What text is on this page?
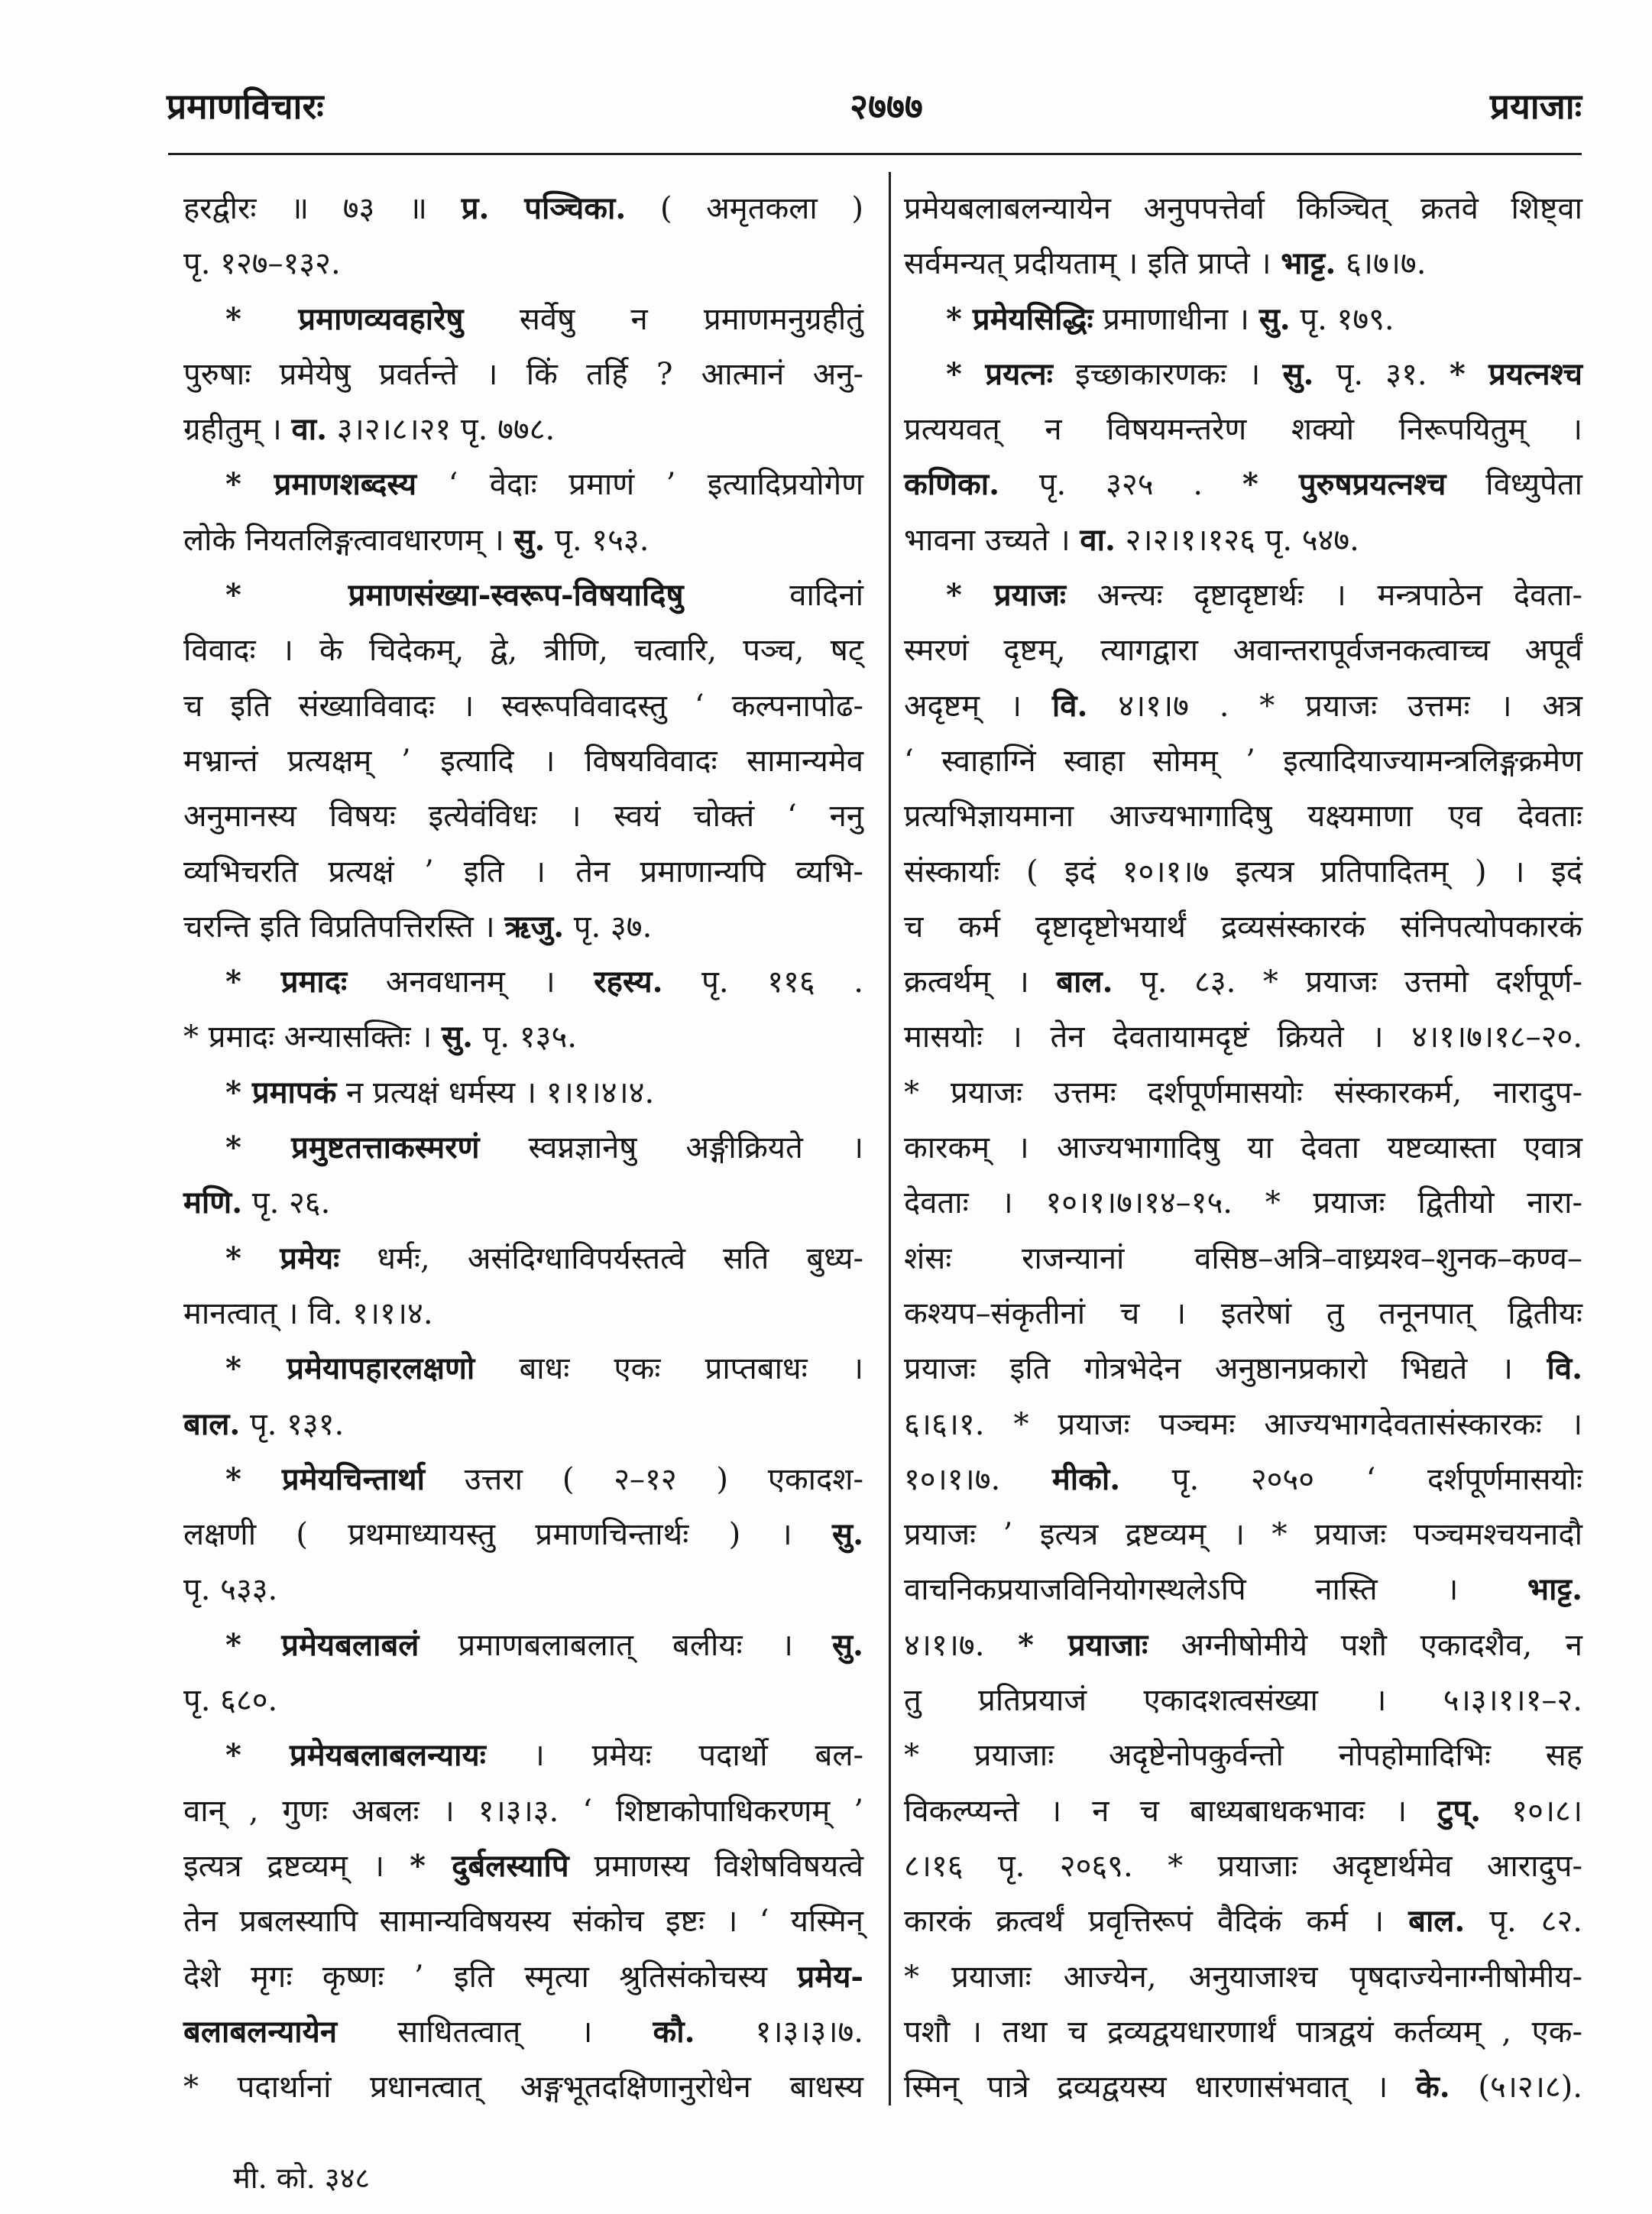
प्रमाणविचारः	२७७७	प्रयाजाः
हरद्वीरः ॥ ७३ ॥ प्र. पञ्चिका. ( अमृतकला )
पृ. १२७–१३२.
* प्रमाणव्यवहारेषु सर्वेषु न प्रमाणमनुग्रहीतुं
पुरुषाः प्रमेयेषु प्रवर्तन्ते । किं तर्हि ? आत्मानं अनु-
ग्रहीतुम् । वा. ३।२।८।२१ पृ. ७७८.
* प्रमाणशब्दस्य ‘ वेदाः प्रमाणं ’ इत्यादिप्रयोगेण
लोके नियतलिङ्गत्वावधारणम् । सु. पृ. १५३.
* प्रमाणसंख्या-स्वरूप-विषयादिषु वादिनां
विवादः । के चिदेकम्, द्वे, त्रीणि, चत्वारि, पञ्च, षट्
च इति संख्याविवादः । स्वरूपविवादस्तु ‘ कल्पनापोढ-
मभ्रान्तं प्रत्यक्षम् ’ इत्यादि । विषयविवादः सामान्यमेव
अनुमानस्य विषयः इत्येवंविधः । स्वयं चोक्तं ‘ ननु
व्यभिचरति प्रत्यक्षं ’ इति । तेन प्रमाणान्यपि व्यभि-
चरन्ति इति विप्रतिपत्तिरस्ति । ऋजु. पृ. ३७.
* प्रमादः अनवधानम् । रहस्य. पृ. ११६ .
* प्रमादः अन्यासक्तिः । सु. पृ. १३५.
* प्रमापकं न प्रत्यक्षं धर्मस्य । १।१।४।४.
* प्रमुष्टतत्ताकस्मरणं स्वप्नज्ञानेषु अङ्गीक्रियते ।
मणि. पृ. २६.
* प्रमेयः धर्मः, असंदिग्धाविपर्यस्तत्वे सति बुध्य-
मानत्वात् । वि. १।१।४.
* प्रमेयापहारलक्षणो बाधः एकः प्राप्तबाधः ।
बाल. पृ. १३१.
* प्रमेयचिन्तार्था उत्तरा ( २–१२ ) एकादश-
लक्षणी ( प्रथमाध्यायस्तु प्रमाणचिन्तार्थः ) । सु.
पृ. ५३३.
* प्रमेयबलाबलं प्रमाणबलाबलात् बलीयः । सु.
पृ. ६८०.
* प्रमेयबलाबलन्यायः । प्रमेयः पदार्थो बल-
वान् , गुणः अबलः । १।३।३. ‘ शिष्टाकोपाधिकरणम् ’
इत्यत्र द्रष्टव्यम् । * दुर्बलस्यापि प्रमाणस्य विशेषविषयत्वे
तेन प्रबलस्यापि सामान्यविषयस्य संकोच इष्टः । ‘ यस्मिन्
देशे मृगः कृष्णः ’ इति स्मृत्या श्रुतिसंकोचस्य प्रमेय-
बलाबलन्यायेन साधितत्वात् । कौ. १।३।३।७.
* पदार्थानां प्रधानत्वात् अङ्गभूतदक्षिणानुरोधेन बाधस्य
प्रमेयबलाबलन्यायेन अनुपपत्तेर्वा किञ्चित् क्रतवे शिष्ट्वा
सर्वमन्यत् प्रदीयताम् । इति प्राप्ते । भाट्ट. ६।७।७.
* प्रमेयसिद्धिः प्रमाणाधीना । सु. पृ. १७९.
* प्रयत्नः इच्छाकारणकः । सु. पृ. ३१. * प्रयत्नश्च
प्रत्ययवत् न विषयमन्तरेण शक्यो निरूपयितुम् ।
कणिका. पृ. ३२५ . * पुरुषप्रयत्नश्च विध्युपेता
भावना उच्यते । वा. २।२।१।१२६ पृ. ५४७.
* प्रयाजः अन्त्यः दृष्टादृष्टार्थः । मन्त्रपाठेन देवता-
स्मरणं दृष्टम्, त्यागद्वारा अवान्तरापूर्वजनकत्वाच्च अपूर्वं
अदृष्टम् । वि. ४।१।७ . * प्रयाजः उत्तमः । अत्र
‘ स्वाहाग्निं स्वाहा सोमम् ’ इत्यादियाज्यामन्त्रलिङ्गक्रमेण
प्रत्यभिज्ञायमाना आज्यभागादिषु यक्ष्यमाणा एव देवताः
संस्कार्याः ( इदं १०।१।७ इत्यत्र प्रतिपादितम् ) । इदं
च कर्म दृष्टादृष्टोभयार्थं द्रव्यसंस्कारकं संनिपत्योपकारकं
क्रत्वर्थम् । बाल. पृ. ८३. * प्रयाजः उत्तमो दर्शपूर्ण-
मासयोः । तेन देवतायामदृष्टं क्रियते । ४।१।७।१८–२०.
* प्रयाजः उत्तमः दर्शपूर्णमासयोः संस्कारकर्म, नारादुप-
कारकम् । आज्यभागादिषु या देवता यष्टव्यास्ता एवात्र
देवताः । १०।१।७।१४–१५. * प्रयाजः द्वितीयो नारा-
शंसः राजन्यानां वसिष्ठ–अत्रि–वाध्र्यश्व–शुनक–कण्व–
कश्यप–संकृतीनां च । इतरेषां तु तनूनपात् द्वितीयः
प्रयाजः इति गोत्रभेदेन अनुष्ठानप्रकारो भिद्यते । वि.
६।६।१. * प्रयाजः पञ्चमः आज्यभागदेवतासंस्कारकः ।
१०।१।७. मीको. पृ. २०५० ‘ दर्शपूर्णमासयोः
प्रयाजः ’ इत्यत्र द्रष्टव्यम् । * प्रयाजः पञ्चमश्चयनादौ
वाचनिकप्रयाजविनियोगस्थलेऽपि नास्ति । भाट्ट.
४।१।७. * प्रयाजाः अग्नीषोमीये पशौ एकादशैव, न
तु प्रतिप्रयाजं एकादशत्वसंख्या । ५।३।१।१–२.
* प्रयाजाः अदृष्टेनोपकुर्वन्तो नोपहोमादिभिः सह
विकल्प्यन्ते । न च बाध्यबाधकभावः । टुप्. १०।८।
८।१६ पृ. २०६९. * प्रयाजाः अदृष्टार्थमेव आरादुप-
कारकं क्रत्वर्थं प्रवृत्तिरूपं वैदिकं कर्म । बाल. पृ. ८२.
* प्रयाजाः आज्येन, अनुयाजाश्च पृषदाज्येनाग्नीषोमीय-
पशौ । तथा च द्रव्यद्वयधारणार्थं पात्रद्वयं कर्तव्यम् , एक-
स्मिन् पात्रे द्रव्यद्वयस्य धारणासंभवात् । के. (५।२।८).
मी. को. ३४८
